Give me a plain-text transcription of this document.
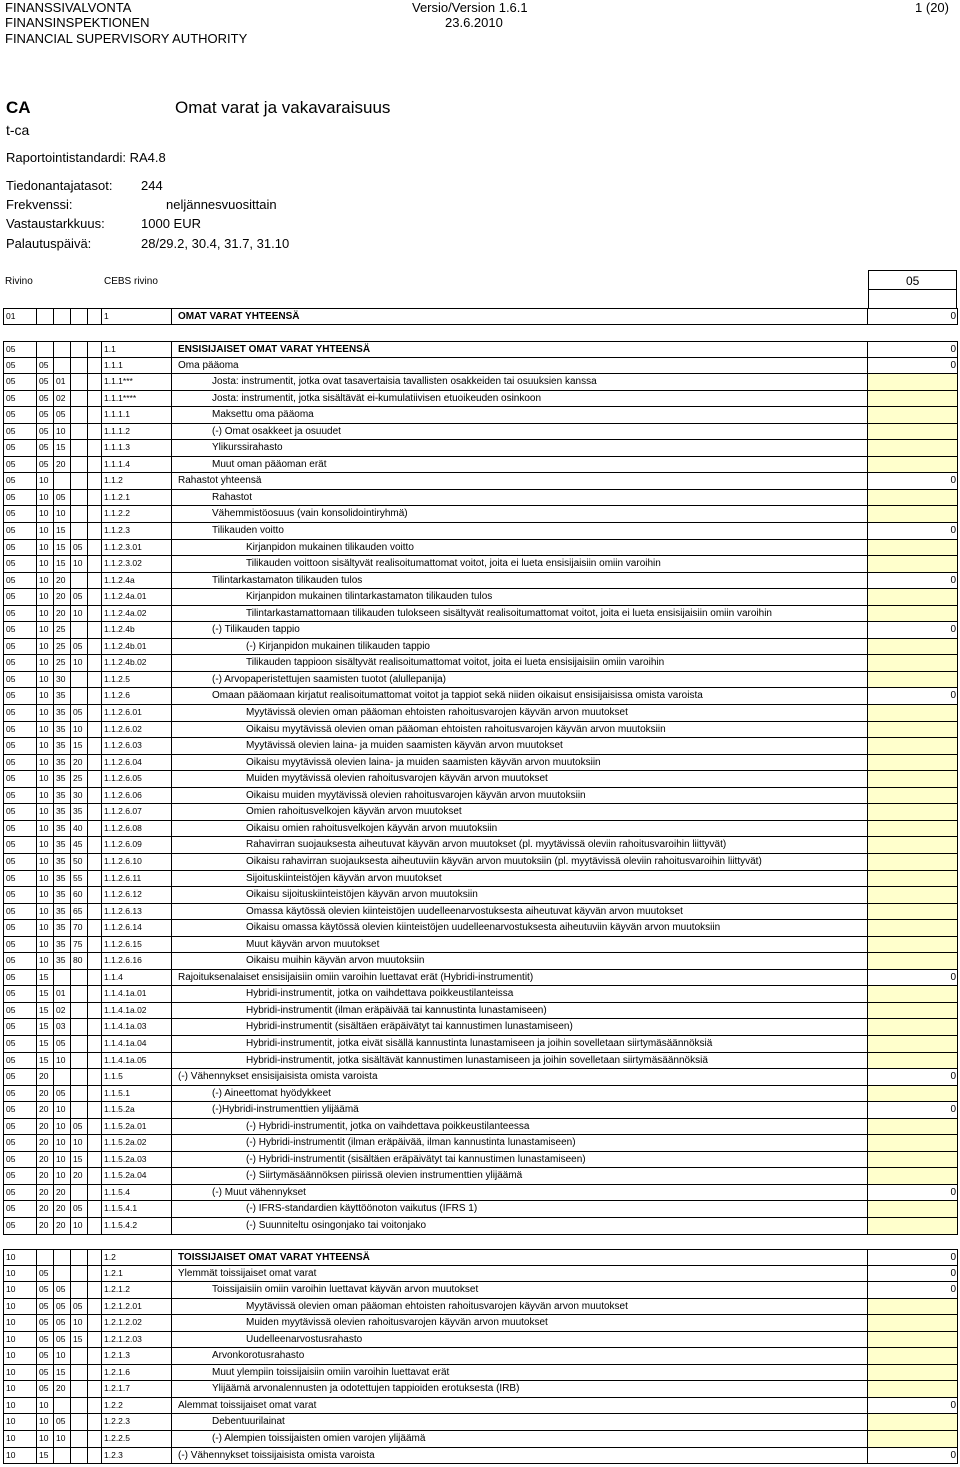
FINANSSIVALVONTA
FINANSINSPEKTIONEN
FINANCIAL SUPERVISORY AUTHORITY
Versio/Version 1.6.1
23.6.2010
1 (20)
CA
t-ca
Omat varat ja vakavaraisuus
Raportointistandardi: RA4.8
Tiedonantajatasot: 244
Frekvenssi:	neljännesvuosittain
Vastaustarkkuus:	1000 EUR
Palautuspäivä:	28/29.2, 30.4, 31.7, 31.10
Rivino	CEBS rivino	05
01	1	OMAT VARAT YHTEENSÄ	0
05	1.1	ENSISIJAISET OMAT VARAT YHTEENSÄ	0
05	05	1.1.1	Oma pääoma	0
05	05 01	1.1.1***	Josta: instrumentit, jotka ovat tasavertaisia tavallisten osakkeiden tai osuuksien kanssa
05	05 02	1.1.1****	Josta: instrumentit, jotka sisältävät ei-kumulatiivisen etuoikeuden osinkoon
05	05 05	1.1.1.1	Maksettu oma pääoma
05	05 10	1.1.1.2	(-) Omat osakkeet ja osuudet
05	05 15	1.1.1.3	Ylikurssirahasto
05	05 20	1.1.1.4	Muut oman pääoman erät
05	10	1.1.2	Rahastot yhteensä	0
05	10 05	1.1.2.1	Rahastot
05	10 10	1.1.2.2	Vähemmistöosuus (vain konsolidointiryhmä)
05	10 15	1.1.2.3	Tilikauden voitto	0
05	10 15 05	1.1.2.3.01	Kirjanpidon mukainen tilikauden voitto
05	10 15 10	1.1.2.3.02	Tilikauden voittoon sisältyvät realisoitumattomat voitot, joita ei lueta ensisijaisiin omiin varoihin
05	10 20	1.1.2.4a	Tilintarkastamaton tilikauden tulos	0
05	10 20 05	1.1.2.4a.01	Kirjanpidon mukainen tilintarkastamaton tilikauden tulos
05	10 20 10	1.1.2.4a.02	Tilintarkastamattomaan tilikauden tulokseen sisältyvät realisoitumattomat voitot, joita ei lueta ensisijaisiin omiin varoihin
05	10 25	1.1.2.4b	(-) Tilikauden tappio	0
05	10 25 05	1.1.2.4b.01	(-) Kirjanpidon mukainen tilikauden tappio
05	10 25 10	1.1.2.4b.02	Tilikauden tappioon sisältyvät realisoitumattomat voitot, joita ei lueta ensisijaisiin omiin varoihin
05	10 30	1.1.2.5	(-) Arvopaperistettujen saamisten tuotot (alullepanija)
05	10 35	1.1.2.6	Omaan pääomaan kirjatut realisoitumattomat voitot ja tappiot sekä niiden oikaisut ensisijaisissa omista varoista	0
05	10 35 05	1.1.2.6.01	Myytävissä olevien oman pääoman ehtoisten rahoitusvarojen käyvän arvon muutokset
05	10 35 10	1.1.2.6.02	Oikaisu myytävissä olevien oman pääoman ehtoisten rahoitusvarojen käyvän arvon muutoksiin
05	10 35 15	1.1.2.6.03	Myytävissä olevien laina- ja muiden saamisten käyvän arvon muutokset
05	10 35 20	1.1.2.6.04	Oikaisu myytävissä olevien laina- ja muiden saamisten käyvän arvon muutoksiin
05	10 35 25	1.1.2.6.05	Muiden myytävissä olevien rahoitusvarojen käyvän arvon muutokset
05	10 35 30	1.1.2.6.06	Oikaisu muiden myytävissä olevien rahoitusvarojen käyvän arvon muutoksiin
05	10 35 35	1.1.2.6.07	Omien rahoitusvelkojen käyvän arvon muutokset
05	10 35 40	1.1.2.6.08	Oikaisu omien rahoitusvelkojen käyvän arvon muutoksiin
05	10 35 45	1.1.2.6.09	Rahavirran suojauksesta aiheutuvat käyvän arvon muutokset (pl. myytävissä oleviin rahoitusvaroihin liittyvät)
05	10 35 50	1.1.2.6.10	Oikaisu rahavirran suojauksesta aiheutuviin käyvän arvon muutoksiin (pl. myytävissä oleviin rahoitusvaroihin liittyvät)
05	10 35 55	1.1.2.6.11	Sijoituskiinteistöjen käyvän arvon muutokset
05	10 35 60	1.1.2.6.12	Oikaisu sijoituskiinteistöjen käyvän arvon muutoksiin
05	10 35 65	1.1.2.6.13	Omassa käytössä olevien kiinteistöjen uudelleenarvostuksesta aiheutuvat käyvän arvon muutokset
05	10 35 70	1.1.2.6.14	Oikaisu omassa käytössä olevien kiinteistöjen uudelleenarvostuksesta aiheutuviin käyvän arvon muutoksiin
05	10 35 75	1.1.2.6.15	Muut käyvän arvon muutokset
05	10 35 80	1.1.2.6.16	Oikaisu muihin käyvän arvon muutoksiin
05	15	1.1.4	Rajoituksenalaiset ensisijaisiin omiin varoihin luettavat erät (Hybridi-instrumentit)	0
05	15 01	1.1.4.1a.01	Hybridi-instrumentit, jotka on vaihdettava poikkeustilanteissa
05	15 02	1.1.4.1a.02	Hybridi-instrumentit (ilman eräpäivää tai kannustinta lunastamiseen)
05	15 03	1.1.4.1a.03	Hybridi-instrumentit (sisältäen eräpäivätyt tai kannustimen lunastamiseen)
05	15 05	1.1.4.1a.04	Hybridi-instrumentit, jotka eivät sisällä kannustinta lunastamiseen ja joihin sovelletaan siirtymäsäännöksiä
05	15 10	1.1.4.1a.05	Hybridi-instrumentit, jotka sisältävät kannustimen lunastamiseen ja joihin sovelletaan siirtymäsäännöksiä
05	20	1.1.5	(-) Vähennykset ensisijaisista omista varoista	0
05	20 05	1.1.5.1	(-) Aineettomat hyödykkeet
05	20 10	1.1.5.2a	(-)Hybridi-instrumenttien ylijäämä	0
05	20 10 05	1.1.5.2a.01	(-) Hybridi-instrumentit, jotka on vaihdettava poikkeustilanteessa
05	20 10 10	1.1.5.2a.02	(-) Hybridi-instrumentit (ilman eräpäivää, ilman kannustinta lunastamiseen)
05	20 10 15	1.1.5.2a.03	(-) Hybridi-instrumentit (sisältäen eräpäivätyt tai kannustimen lunastamiseen)
05	20 10 20	1.1.5.2a.04	(-) Siirtymäsäännöksen piirissä olevien instrumenttien ylijäämä
05	20 20	1.1.5.4	(-) Muut vähennykset	0
05	20 20 05	1.1.5.4.1	(-) IFRS-standardien käyttöönoton vaikutus (IFRS 1)
05	20 20 10	1.1.5.4.2	(-) Suunniteltu osingonjako tai voitonjako
10	1.2	TOISSIJAISET OMAT VARAT YHTEENSÄ	0
10	05	1.2.1	Ylemmät toissijaiset omat varat	0
10	05 05	1.2.1.2	Toissijaisiin omiin varoihin luettavat käyvän arvon muutokset	0
10	05 05 05	1.2.1.2.01	Myytävissä olevien oman pääoman ehtoisten rahoitusvarojen käyvän arvon muutokset
10	05 05 10	1.2.1.2.02	Muiden myytävissä olevien rahoitusvarojen käyvän arvon muutokset
10	05 05 15	1.2.1.2.03	Uudelleenarvostusrahasto
10	05 10	1.2.1.3	Arvonkorotusrahasto
10	05 15	1.2.1.6	Muut ylempiin toissijaisiin omiin varoihin luettavat erät
10	05 20	1.2.1.7	Ylijäämä arvonalennusten ja odotettujen tappioiden erotuksesta (IRB)
10	10	1.2.2	Alemmat toissijaiset omat varat	0
10	10 05	1.2.2.3	Debentuurilainat
10	10 10	1.2.2.5	(-) Alempien toissijaisten omien varojen ylijäämä
10	15	1.2.3	(-) Vähennykset toissijaisista omista varoista	0
